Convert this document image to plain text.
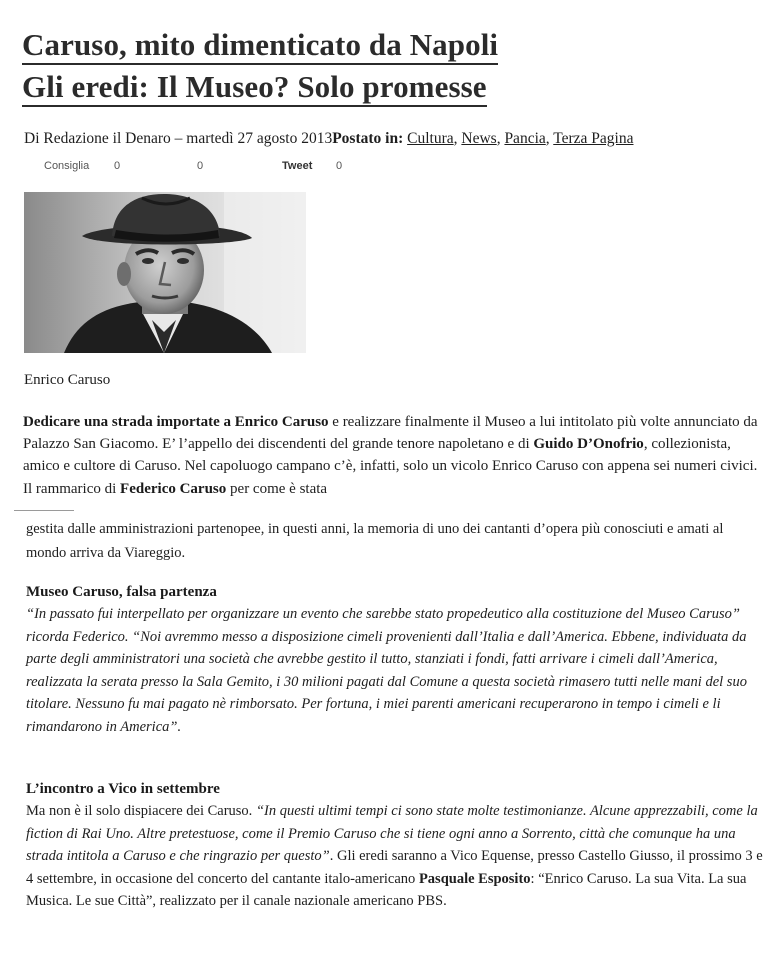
Caruso, mito dimenticato da Napoli
Gli eredi: Il Museo? Solo promesse
Di Redazione il Denaro – martedì 27 agosto 2013Postato in: Cultura, News, Pancia, Terza Pagina
Consiglia 0	0	Tweet 0
Enrico Caruso

Dedicare una strada importate a Enrico Caruso e realizzare finalmente il Museo a lui intitolato più volte annunciato da Palazzo San Giacomo. E’ l’appello dei discendenti del grande tenore napoletano e di Guido D’Onofrio, collezionista, amico e cultore di Caruso. Nel capoluogo campano c’è, infatti, solo un vicolo Enrico Caruso con appena sei numeri civici. Il rammarico di Federico Caruso per come è stata

gestita dalle amministrazioni partenopee, in questi anni, la memoria di uno dei cantanti d’opera più conosciuti e amati al mondo arriva da Viareggio.

Museo Caruso, falsa partenza

“In passato fui interpellato per organizzare un evento che sarebbe stato propedeutico alla costituzione del Museo Caruso” ricorda Federico. “Noi avremmo messo a disposizione cimeli provenienti dall’Italia e dall’America. Ebbene, individuata da parte degli amministratori una società che avrebbe gestito il tutto, stanziati i fondi, fatti arrivare i cimeli dall’America, realizzata la serata presso la Sala Gemito, i 30 milioni pagati dal Comune a questa società rimasero tutti nelle mani del suo titolare. Nessuno fu mai pagato nè rimborsato. Per fortuna, i miei parenti americani recuperarono in tempo i cimeli e li rimandarono in America”.

L’incontro a Vico in settembre

Ma non è il solo dispiacere dei Caruso. “In questi ultimi tempi ci sono state molte testimonianze. Alcune apprezzabili, come la fiction di Rai Uno. Altre pretestuose, come il Premio Caruso che si tiene ogni anno a Sorrento, città che comunque ha una strada intitola a Caruso e che ringrazio per questo”. Gli eredi saranno a Vico Equense, presso Castello Giusso, il prossimo 3 e 4 settembre, in occasione del concerto del cantante italo-americano Pasquale Esposito: “Enrico Caruso. La sua Vita. La sua Musica. Le sue Città”, realizzato per il canale nazionale americano PBS.
